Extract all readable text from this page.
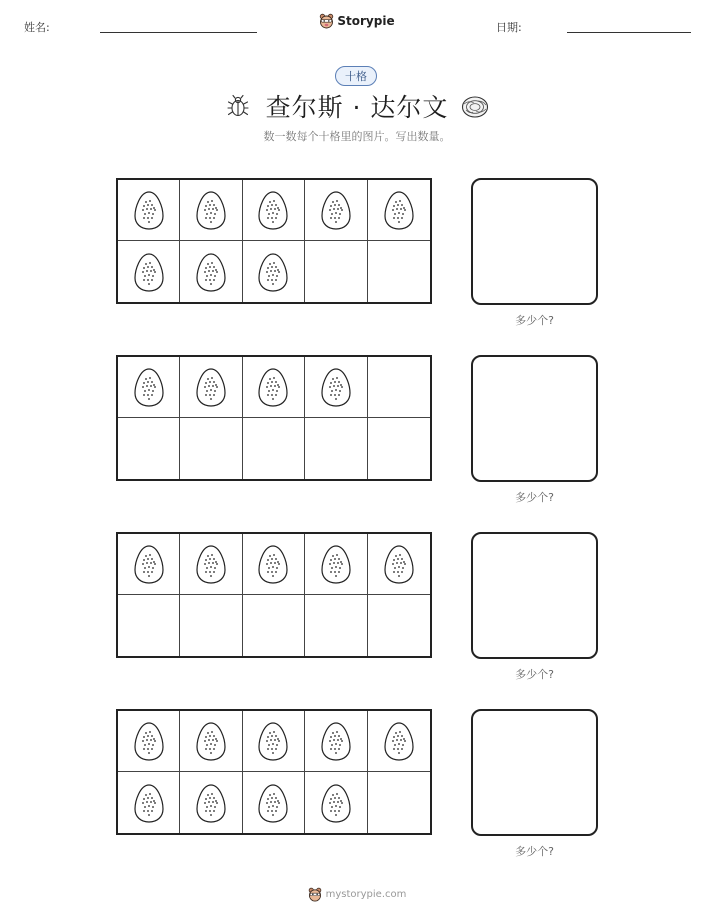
姓名:	Storypie	日期:
十格
查尔斯 · 达尔文
数一数每个十格里的图片。写出数量。
多少个?
多少个?
多少个?
多少个?
mystorypie.com
